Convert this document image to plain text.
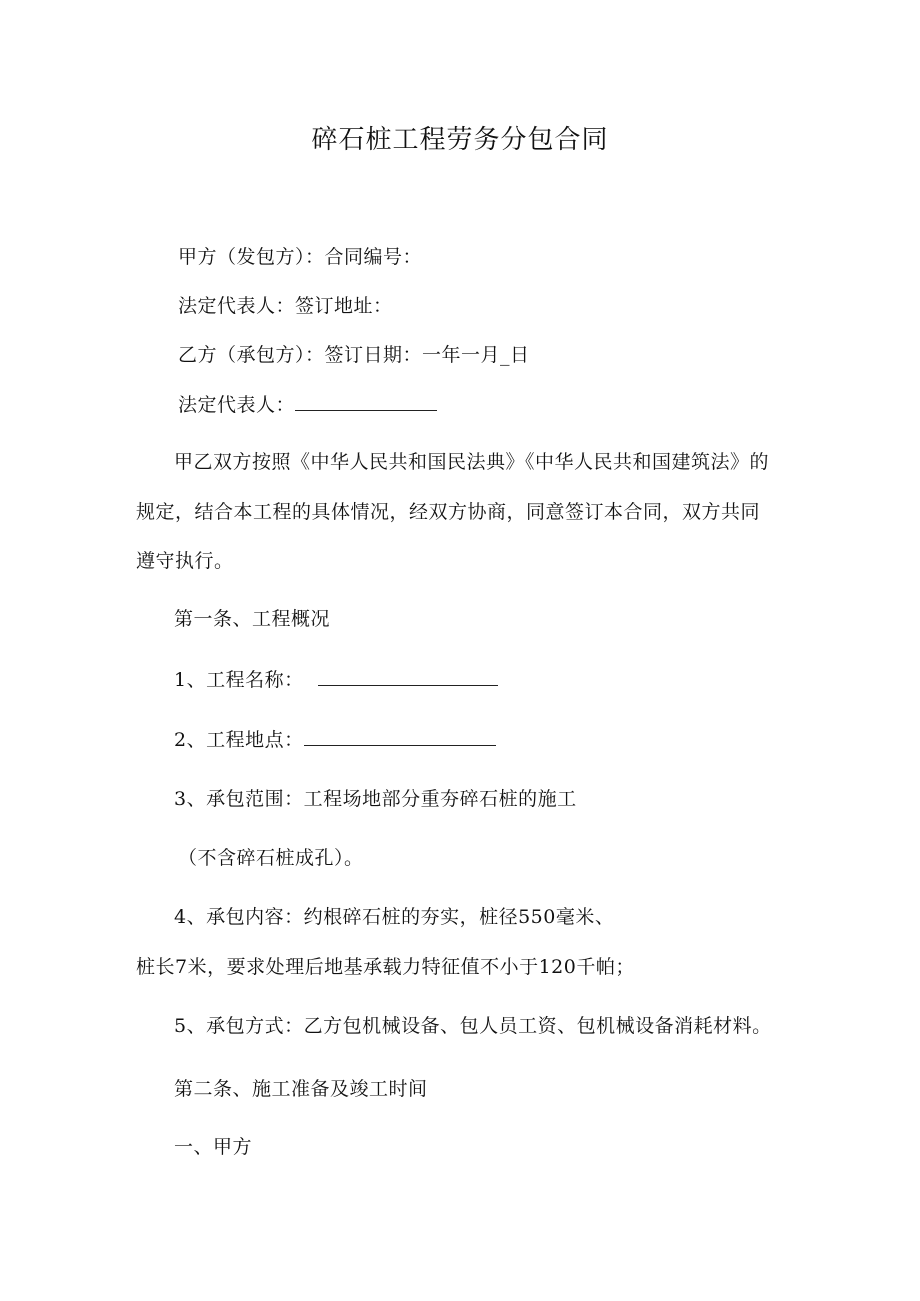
碎石桩工程劳务分包合同
甲方（发包方）：合同编号：
法定代表人：签订地址：
乙方（承包方）：签订日期：一年一月_日
法定代表人：
甲乙双方按照《中华人民共和国民法典》《中华人民共和国建筑法》的
规定，结合本工程的具体情况，经双方协商，同意签订本合同，双方共同
遵守执行。
第一条、工程概况
1、工程名称：
2、工程地点：
3、承包范围：工程场地部分重夯碎石桩的施工
（不含碎石桩成孔）。
4、承包内容：约根碎石桩的夯实，桩径550毫米、
桩长7米，要求处理后地基承载力特征值不小于120千帕；
5、承包方式：乙方包机械设备、包人员工资、包机械设备消耗材料。
第二条、施工准备及竣工时间
一、甲方
